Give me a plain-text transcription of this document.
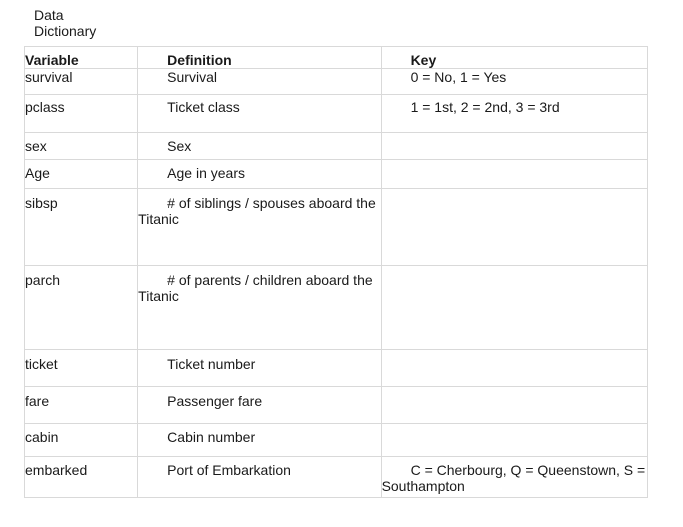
Data Dictionary
Variable	Definition	Key
survival	Survival	0 = No, 1 = Yes
pclass	Ticket class	1 = 1st, 2 = 2nd, 3 = 3rd
sex	Sex	
Age	Age in years	
sibsp	# of siblings / spouses aboard the Titanic	
parch	# of parents / children aboard the Titanic	
ticket	Ticket number	
fare	Passenger fare	
cabin	Cabin number	
embarked	Port of Embarkation	C = Cherbourg, Q = Queenstown, S = Southampton
